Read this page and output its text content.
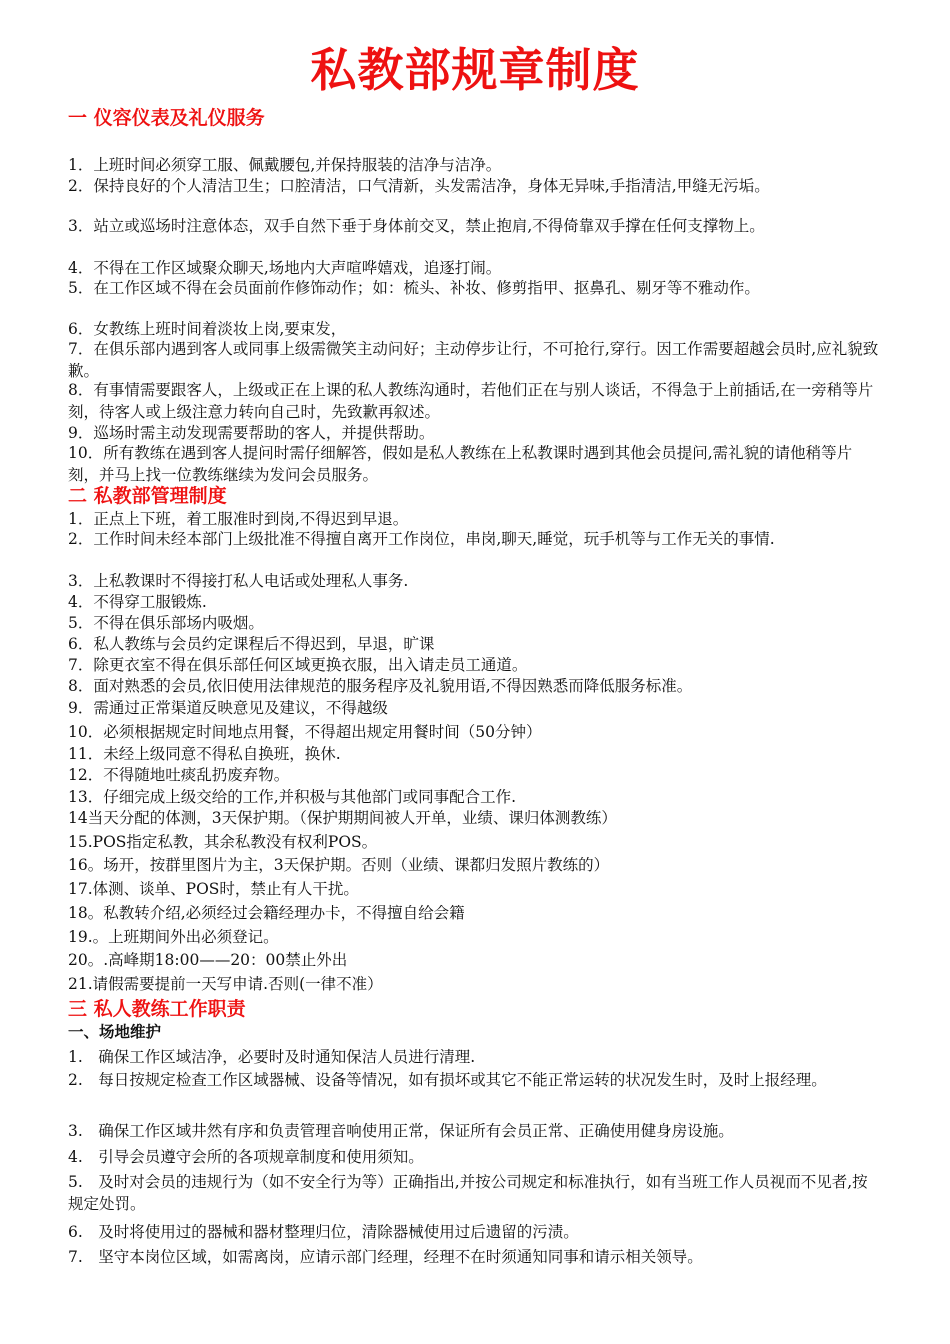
私教部规章制度
一 仪容仪表及礼仪服务
1．上班时间必须穿工服、佩戴腰包,并保持服装的洁净与洁净。
2．保持良好的个人清洁卫生；口腔清洁，口气清新，头发需洁净，身体无异味,手指清洁,甲缝无污垢。
3．站立或巡场时注意体态，双手自然下垂于身体前交叉，禁止抱肩,不得倚靠双手撑在任何支撑物上。
4．不得在工作区域聚众聊天,场地内大声喧哗嬉戏，追逐打闹。
5．在工作区域不得在会员面前作修饰动作；如：梳头、补妆、修剪指甲、抠鼻孔、剔牙等不雅动作。
6．女教练上班时间着淡妆上岗,要束发，
7．在俱乐部内遇到客人或同事上级需微笑主动问好；主动停步让行，不可抢行,穿行。因工作需要超越会员时,应礼貌致歉。
8．有事情需要跟客人，上级或正在上课的私人教练沟通时，若他们正在与别人谈话，不得急于上前插话,在一旁稍等片刻，待客人或上级注意力转向自己时，先致歉再叙述。
9．巡场时需主动发现需要帮助的客人，并提供帮助。
10．所有教练在遇到客人提问时需仔细解答，假如是私人教练在上私教课时遇到其他会员提问,需礼貌的请他稍等片刻，并马上找一位教练继续为发问会员服务。
二 私教部管理制度
1．正点上下班，着工服准时到岗,不得迟到早退。
2．工作时间未经本部门上级批准不得擅自离开工作岗位，串岗,聊天,睡觉，玩手机等与工作无关的事情.
3．上私教课时不得接打私人电话或处理私人事务.
4．不得穿工服锻炼.
5．不得在俱乐部场内吸烟。
6．私人教练与会员约定课程后不得迟到，早退，旷课
7．除更衣室不得在俱乐部任何区域更换衣服，出入请走员工通道。
8．面对熟悉的会员,依旧使用法律规范的服务程序及礼貌用语,不得因熟悉而降低服务标准。
9．需通过正常渠道反映意见及建议，不得越级
10．必须根据规定时间地点用餐，不得超出规定用餐时间（50分钟）
11．未经上级同意不得私自换班，换休.
12．不得随地吐痰乱扔废弃物。
13．仔细完成上级交给的工作,并积极与其他部门或同事配合工作.
14当天分配的体测，3天保护期。（保护期期间被人开单，业绩、课归体测教练）
15.POS指定私教，其余私教没有权利POS。
16。场开，按群里图片为主，3天保护期。否则（业绩、课都归发照片教练的）
17.体测、谈单、POS时，禁止有人干扰。
18。私教转介绍,必须经过会籍经理办卡，不得擅自给会籍
19.。上班期间外出必须登记。
20。.高峰期18:00——20：00禁止外出
21.请假需要提前一天写申请.否则(一律不准）
三 私人教练工作职责
一、场地维护
1.　确保工作区域洁净，必要时及时通知保洁人员进行清理.
2.　每日按规定检查工作区域器械、设备等情况，如有损坏或其它不能正常运转的状况发生时，及时上报经理。
3.　确保工作区域井然有序和负责管理音响使用正常，保证所有会员正常、正确使用健身房设施。
4.　引导会员遵守会所的各项规章制度和使用须知。
5.　及时对会员的违规行为（如不安全行为等）正确指出,并按公司规定和标准执行，如有当班工作人员视而不见者,按规定处罚。
6.　及时将使用过的器械和器材整理归位，清除器械使用过后遗留的污渍。
7.　坚守本岗位区域，如需离岗，应请示部门经理，经理不在时须通知同事和请示相关领导。
